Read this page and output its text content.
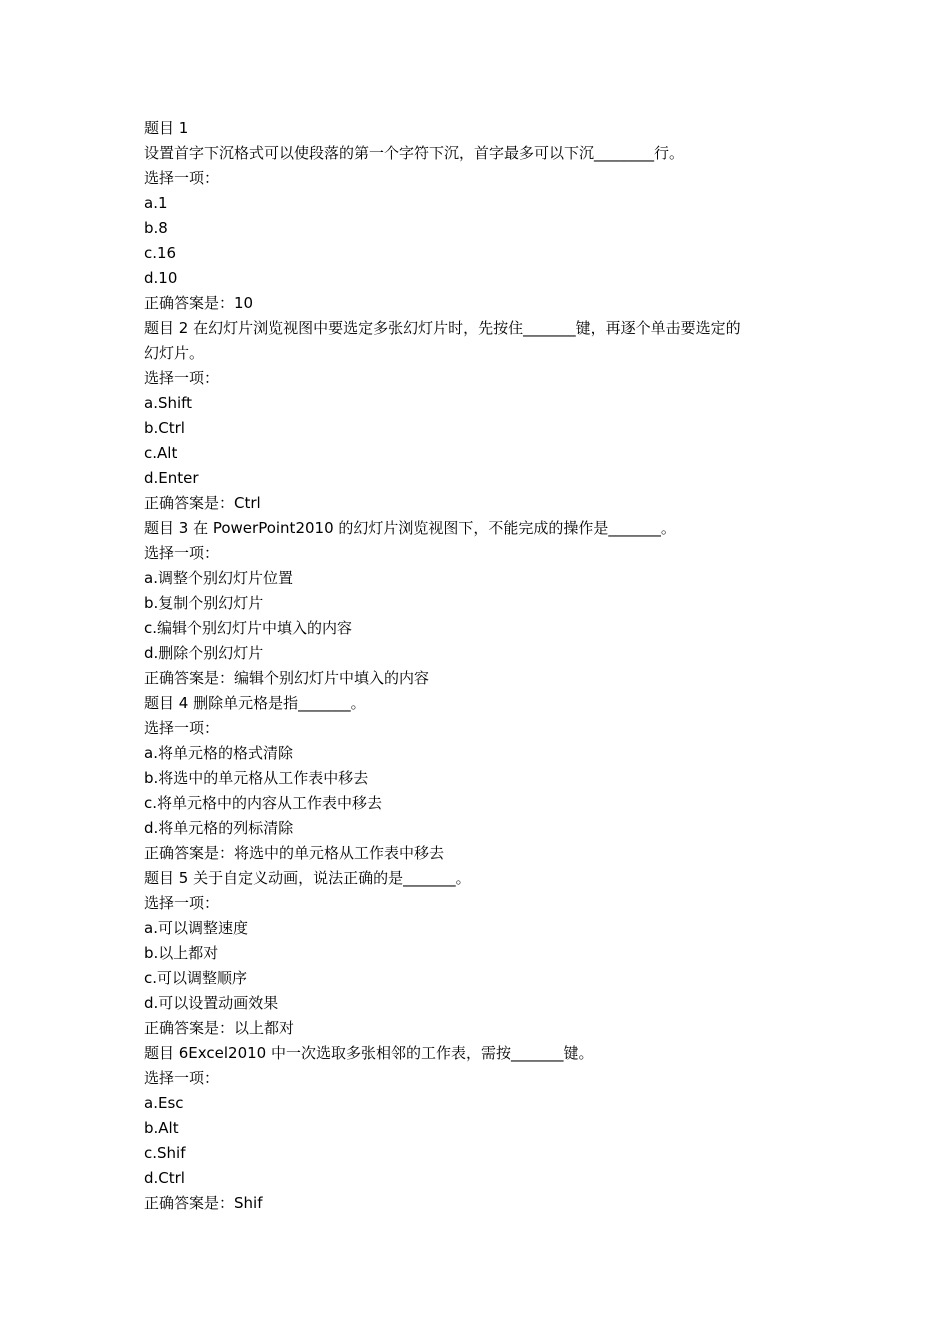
题目 1
设置首字下沉格式可以使段落的第一个字符下沉，首字最多可以下沉________行。
选择一项：
a.1
b.8
c.16
d.10
正确答案是：10
题目 2 在幻灯片浏览视图中要选定多张幻灯片时，先按住_______键，再逐个单击要选定的
幻灯片。
选择一项：
a.Shift
b.Ctrl
c.Alt
d.Enter
正确答案是：Ctrl
题目 3 在 PowerPoint2010 的幻灯片浏览视图下，不能完成的操作是_______。
选择一项：
a.调整个别幻灯片位置
b.复制个别幻灯片
c.编辑个别幻灯片中填入的内容
d.删除个别幻灯片
正确答案是：编辑个别幻灯片中填入的内容
题目 4 删除单元格是指_______。
选择一项：
a.将单元格的格式清除
b.将选中的单元格从工作表中移去
c.将单元格中的内容从工作表中移去
d.将单元格的列标清除
正确答案是：将选中的单元格从工作表中移去
题目 5 关于自定义动画，说法正确的是_______。
选择一项：
a.可以调整速度
b.以上都对
c.可以调整顺序
d.可以设置动画效果
正确答案是：以上都对
题目 6Excel2010 中一次选取多张相邻的工作表，需按_______键。
选择一项：
a.Esc
b.Alt
c.Shif
d.Ctrl
正确答案是：Shif
